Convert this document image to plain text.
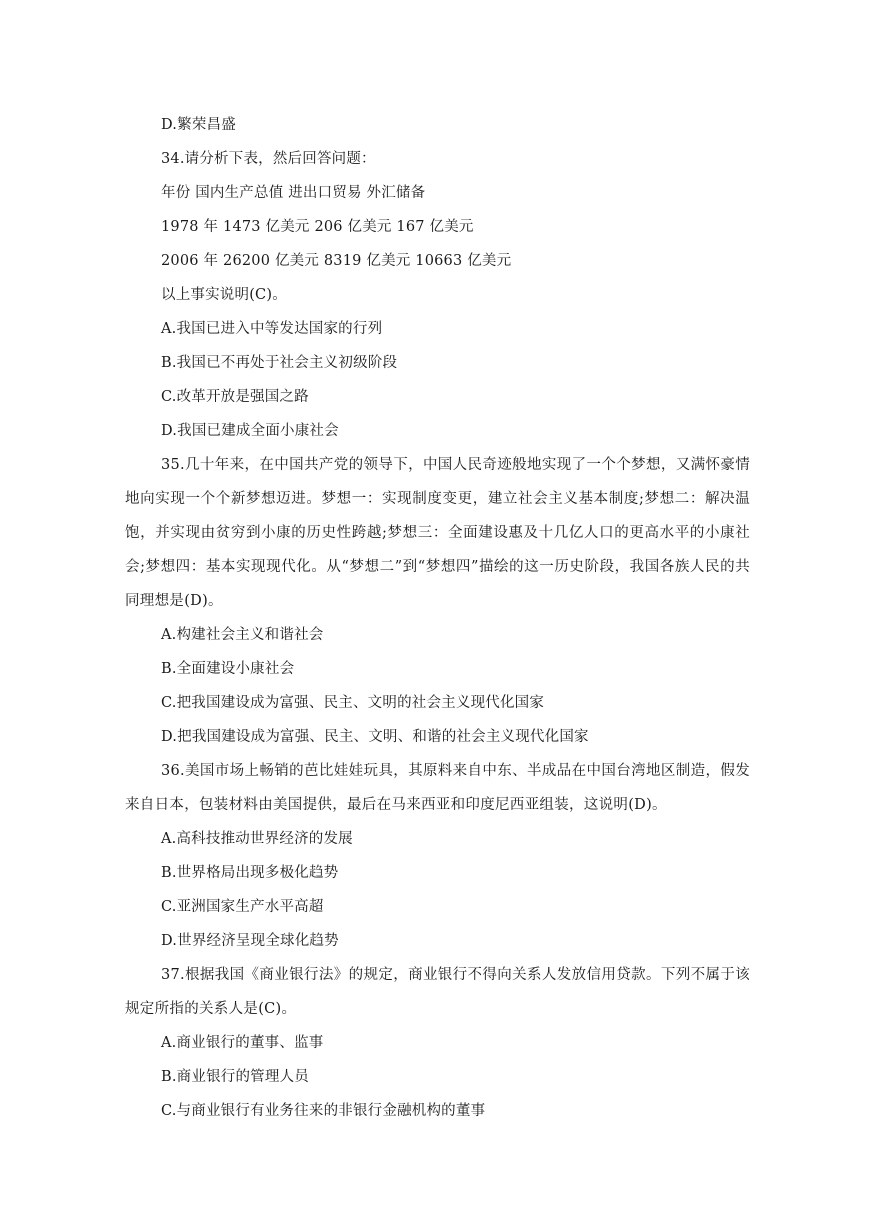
D.繁荣昌盛
34.请分析下表，然后回答问题：
年份 国内生产总值 进出口贸易 外汇储备
1978 年 1473 亿美元 206 亿美元 167 亿美元
2006 年 26200 亿美元 8319 亿美元 10663 亿美元
以上事实说明(C)。
A.我国已进入中等发达国家的行列
B.我国已不再处于社会主义初级阶段
C.改革开放是强国之路
D.我国已建成全面小康社会
35.几十年来，在中国共产党的领导下，中国人民奇迹般地实现了一个个梦想，又满怀豪情地向实现一个个新梦想迈进。梦想一：实现制度变更，建立社会主义基本制度;梦想二：解决温饱，并实现由贫穷到小康的历史性跨越;梦想三：全面建设惠及十几亿人口的更高水平的小康社会;梦想四：基本实现现代化。从“梦想二”到“梦想四”描绘的这一历史阶段，我国各族人民的共同理想是(D)。
A.构建社会主义和谐社会
B.全面建设小康社会
C.把我国建设成为富强、民主、文明的社会主义现代化国家
D.把我国建设成为富强、民主、文明、和谐的社会主义现代化国家
36.美国市场上畅销的芭比娃娃玩具，其原料来自中东、半成品在中国台湾地区制造，假发来自日本，包装材料由美国提供，最后在马来西亚和印度尼西亚组装，这说明(D)。
A.高科技推动世界经济的发展
B.世界格局出现多极化趋势
C.亚洲国家生产水平高超
D.世界经济呈现全球化趋势
37.根据我国《商业银行法》的规定，商业银行不得向关系人发放信用贷款。下列不属于该规定所指的关系人是(C)。
A.商业银行的董事、监事
B.商业银行的管理人员
C.与商业银行有业务往来的非银行金融机构的董事
